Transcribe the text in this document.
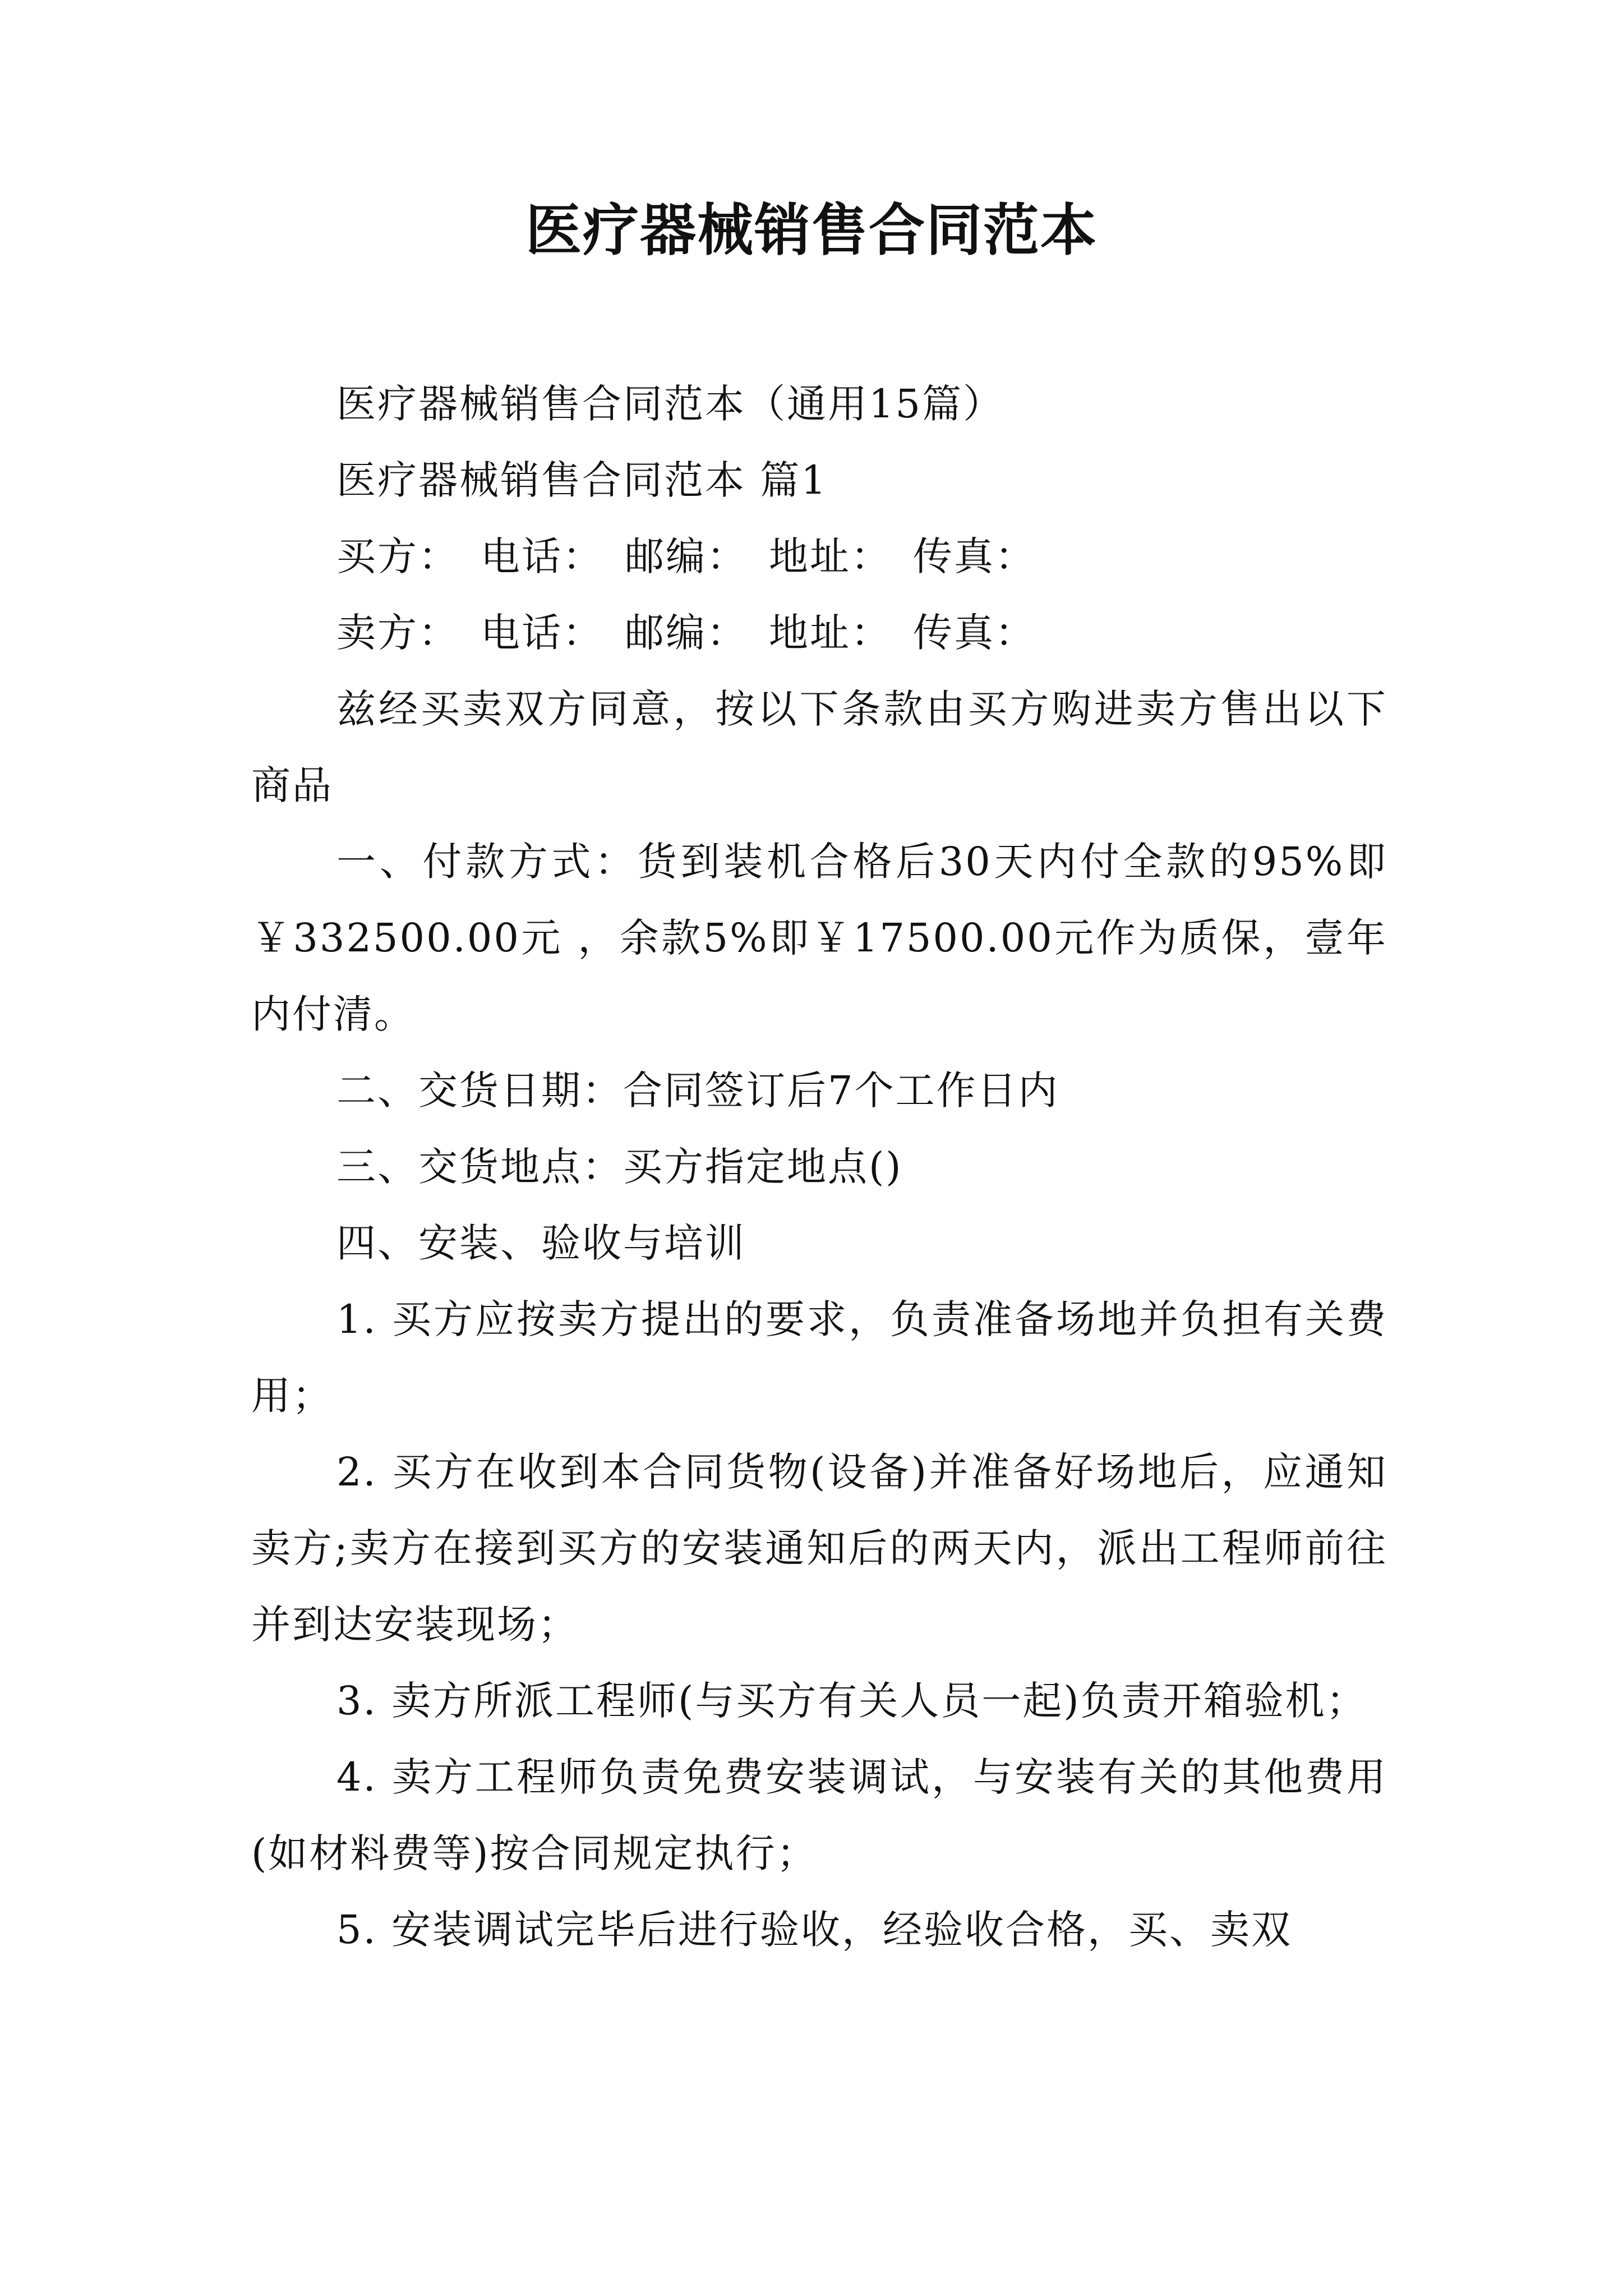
医疗器械销售合同范本

医疗器械销售合同范本（通用15篇）

医疗器械销售合同范本 篇1

买方：　电话：　邮编：　地址：　传真：

卖方：　电话：　邮编：　地址：　传真：

兹经买卖双方同意，按以下条款由买方购进卖方售出以下商品

一、付款方式：货到装机合格后30天内付全款的95%即￥332500.00元 ，余款5%即￥17500.00元作为质保，壹年内付清。

二、交货日期：合同签订后7个工作日内

三、交货地点：买方指定地点()

四、安装、验收与培训

1. 买方应按卖方提出的要求，负责准备场地并负担有关费用；

2. 买方在收到本合同货物(设备)并准备好场地后，应通知卖方;卖方在接到买方的安装通知后的两天内，派出工程师前往并到达安装现场；

3. 卖方所派工程师(与买方有关人员一起)负责开箱验机；

4. 卖方工程师负责免费安装调试，与安装有关的其他费用(如材料费等)按合同规定执行；

5. 安装调试完毕后进行验收，经验收合格，买、卖双
